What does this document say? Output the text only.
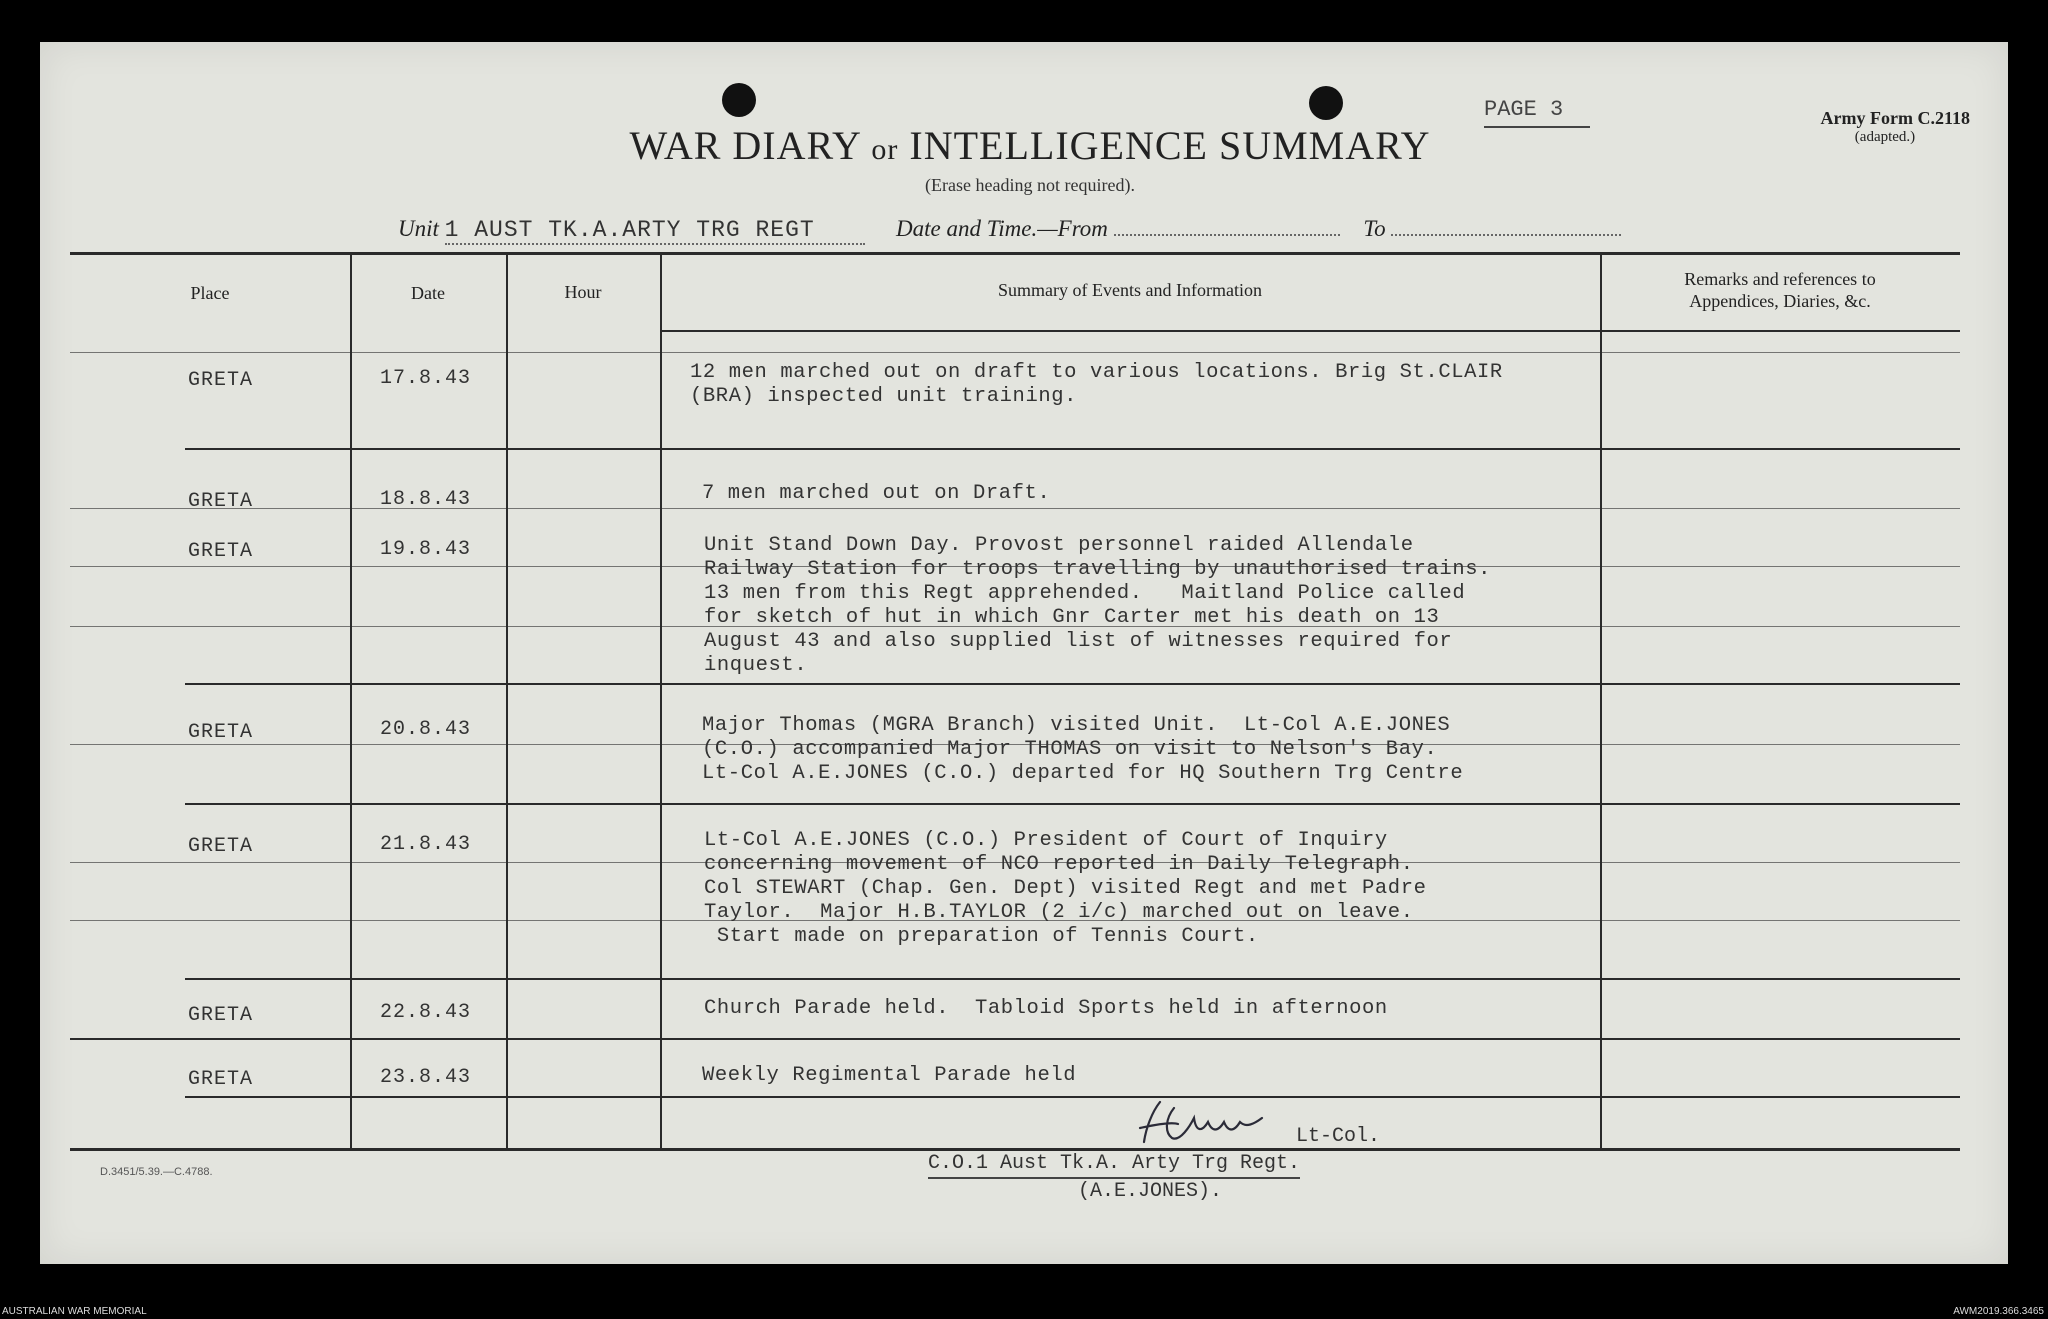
WAR DIARY or INTELLIGENCE SUMMARY
(Erase heading not required).
PAGE 3	Army Form C.2118
(adapted.)
Unit 1 AUST TK.A.ARTY TRG REGT	Date and Time.—From	To
Place	Date	Hour	Summary of Events and Information
Remarks and references to
Appendices, Diaries, &c.
GRETA	17.8.43	12 men marched out on draft to various locations. Brig St.CLAIR
(BRA) inspected unit training.
GRETA	18.8.43	7 men marched out on Draft.
GRETA	19.8.43	Unit Stand Down Day. Provost personnel raided Allendale
Railway Station for troops travelling by unauthorised trains.
13 men from this Regt apprehended.   Maitland Police called
for sketch of hut in which Gnr Carter met his death on 13
August 43 and also supplied list of witnesses required for
inquest.
GRETA	20.8.43	Major Thomas (MGRA Branch) visited Unit.  Lt-Col A.E.JONES
(C.O.) accompanied Major THOMAS on visit to Nelson's Bay.
Lt-Col A.E.JONES (C.O.) departed for HQ Southern Trg Centre
GRETA	21.8.43	Lt-Col A.E.JONES (C.O.) President of Court of Inquiry
concerning movement of NCO reported in Daily Telegraph.
Col STEWART (Chap. Gen. Dept) visited Regt and met Padre
Taylor.  Major H.B.TAYLOR (2 i/c) marched out on leave.
Start made on preparation of Tennis Court.
GRETA	22.8.43	Church Parade held.  Tabloid Sports held in afternoon
GRETA	23.8.43	Weekly Regimental Parade held
Lt-Col.
C.O.1 Aust Tk.A. Arty Trg Regt.
(A.E.JONES).
D.3451/5.39.—C.4788.
AUSTRALIAN WAR MEMORIAL	AWM2019.366.3465
